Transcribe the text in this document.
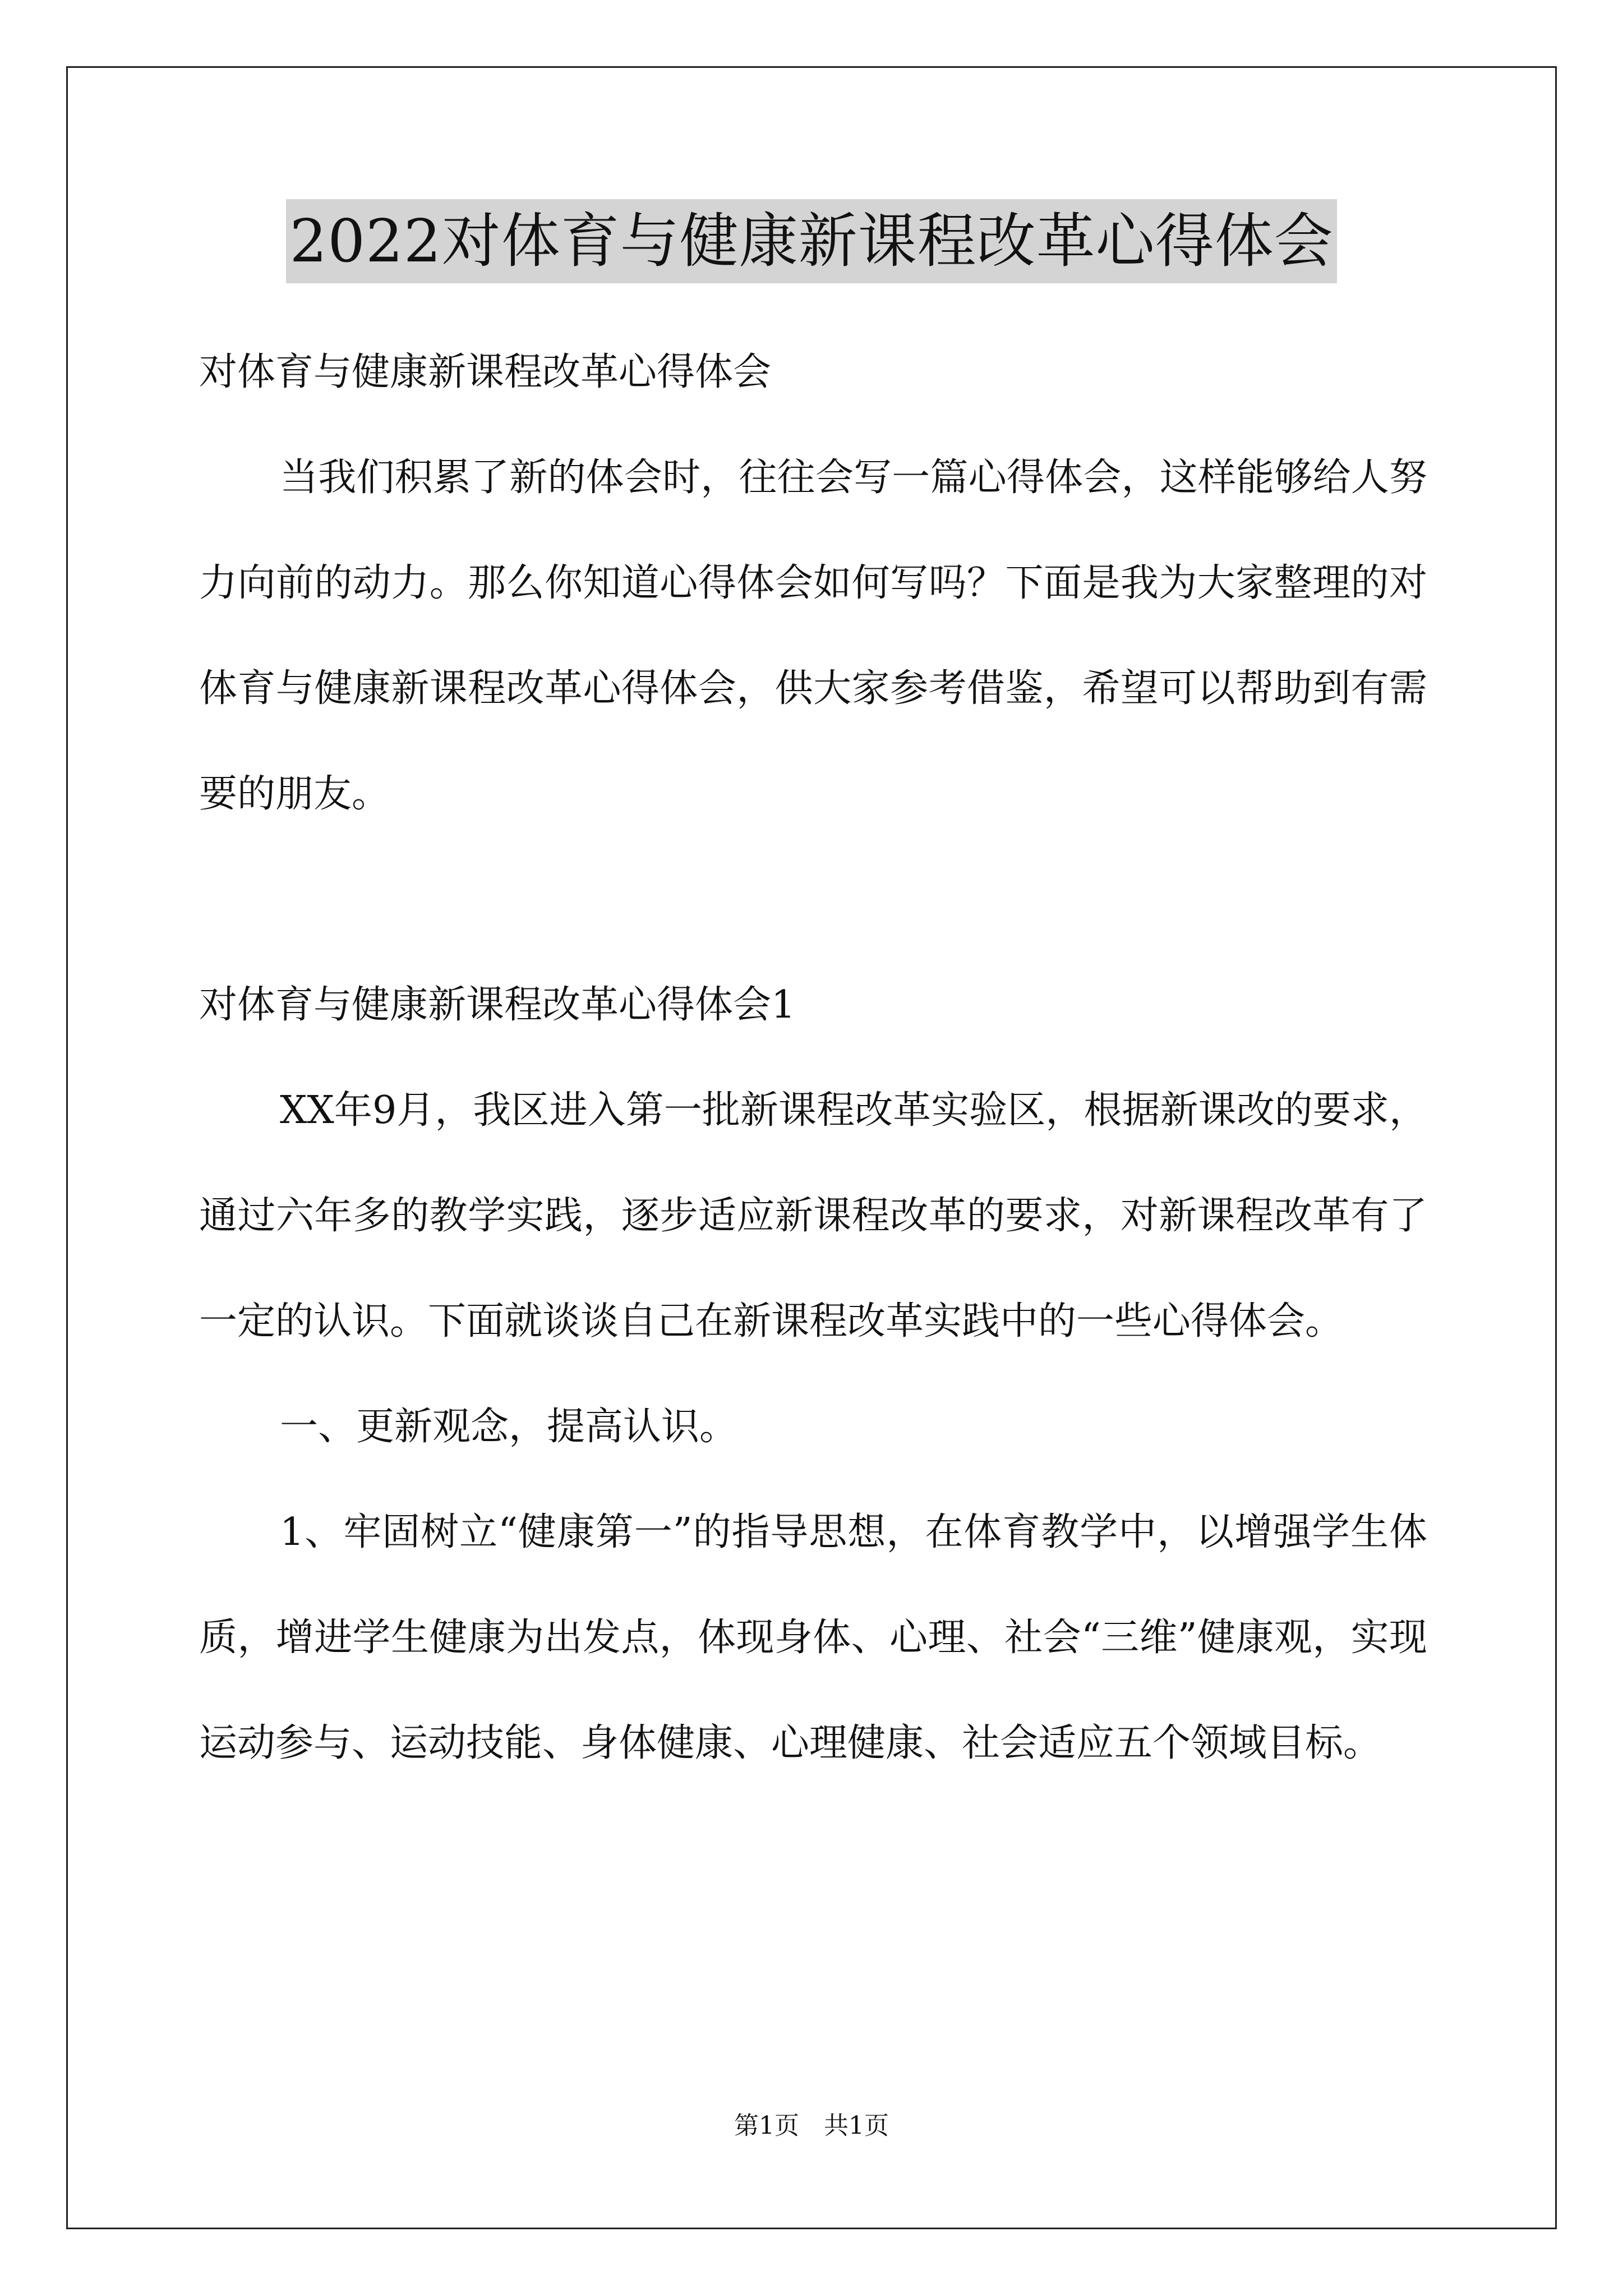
2022对体育与健康新课程改革心得体会

对体育与健康新课程改革心得体会

当我们积累了新的体会时，往往会写一篇心得体会，这样能够给人努力向前的动力。那么你知道心得体会如何写吗？下面是我为大家整理的对体育与健康新课程改革心得体会，供大家参考借鉴，希望可以帮助到有需要的朋友。

对体育与健康新课程改革心得体会1

XX年9月，我区进入第一批新课程改革实验区，根据新课改的要求，通过六年多的教学实践，逐步适应新课程改革的要求，对新课程改革有了一定的认识。下面就谈谈自己在新课程改革实践中的一些心得体会。

一、更新观念，提高认识。

1、牢固树立“健康第一”的指导思想，在体育教学中，以增强学生体质，增进学生健康为出发点，体现身体、心理、社会“三维”健康观，实现运动参与、运动技能、身体健康、心理健康、社会适应五个领域目标。

第1页　共1页
